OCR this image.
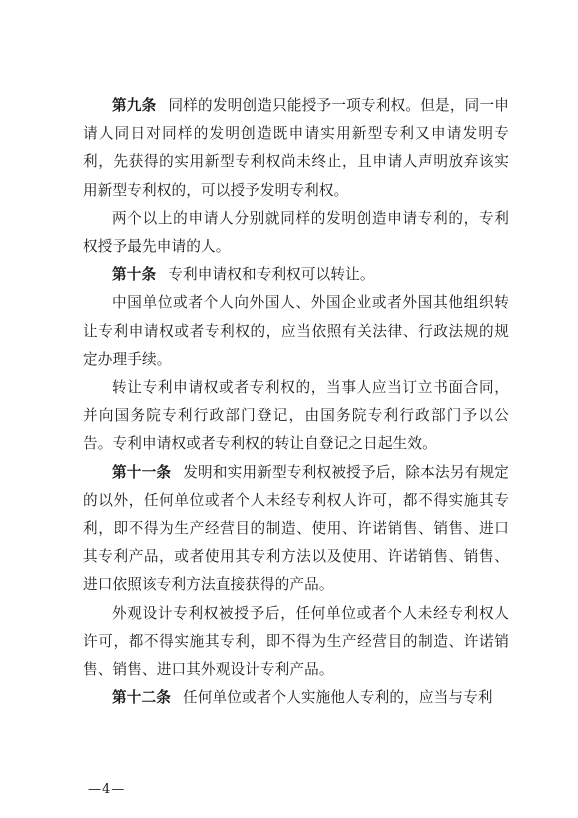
第九条 同样的发明创造只能授予一项专利权。但是，同一申请人同日对同样的发明创造既申请实用新型专利又申请发明专利，先获得的实用新型专利权尚未终止，且申请人声明放弃该实用新型专利权的，可以授予发明专利权。

两个以上的申请人分别就同样的发明创造申请专利的，专利权授予最先申请的人。

第十条 专利申请权和专利权可以转让。

中国单位或者个人向外国人、外国企业或者外国其他组织转让专利申请权或者专利权的，应当依照有关法律、行政法规的规定办理手续。

转让专利申请权或者专利权的，当事人应当订立书面合同，并向国务院专利行政部门登记，由国务院专利行政部门予以公告。专利申请权或者专利权的转让自登记之日起生效。

第十一条 发明和实用新型专利权被授予后，除本法另有规定的以外，任何单位或者个人未经专利权人许可，都不得实施其专利，即不得为生产经营目的制造、使用、许诺销售、销售、进口其专利产品，或者使用其专利方法以及使用、许诺销售、销售、进口依照该专利方法直接获得的产品。

外观设计专利权被授予后，任何单位或者个人未经专利权人许可，都不得实施其专利，即不得为生产经营目的制造、许诺销售、销售、进口其外观设计专利产品。

第十二条 任何单位或者个人实施他人专利的，应当与专利

—4—
